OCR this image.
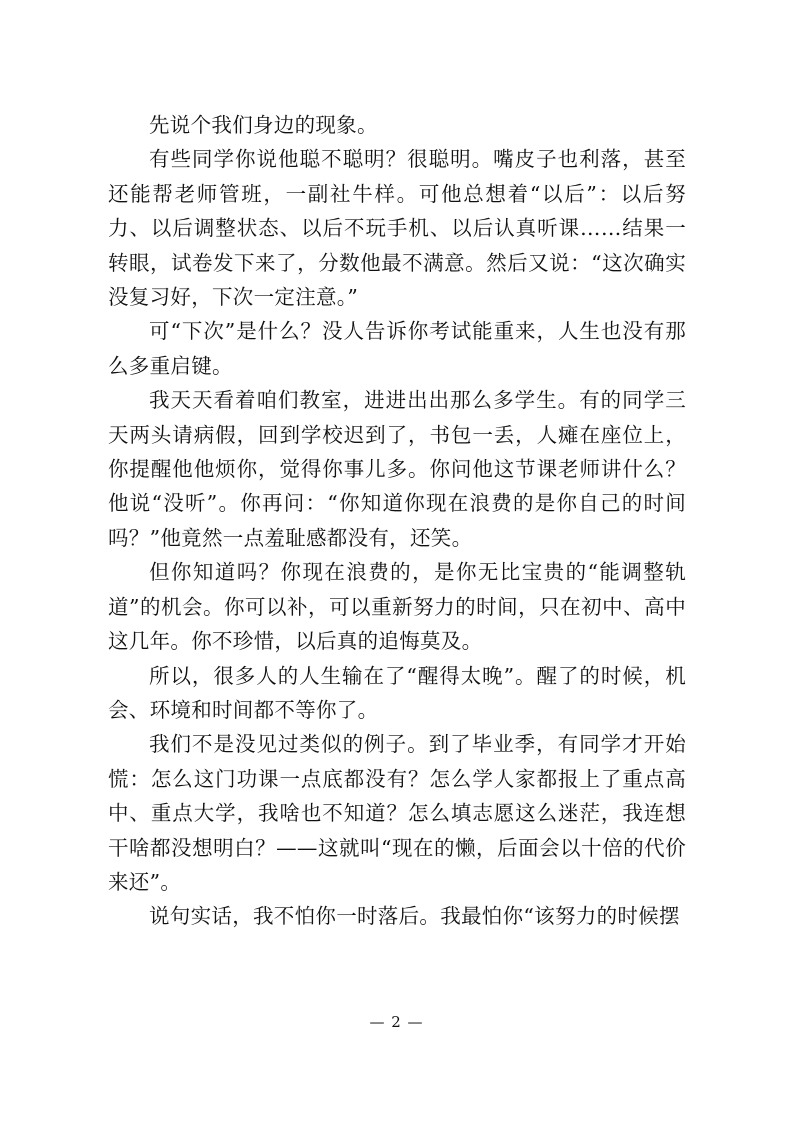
先说个我们身边的现象。

有些同学你说他聪不聪明？很聪明。嘴皮子也利落，甚至还能帮老师管班，一副社牛样。可他总想着“以后”：以后努力、以后调整状态、以后不玩手机、以后认真听课……结果一转眼，试卷发下来了，分数他最不满意。然后又说：“这次确实没复习好，下次一定注意。”

可“下次”是什么？没人告诉你考试能重来，人生也没有那么多重启键。

我天天看着咱们教室，进进出出那么多学生。有的同学三天两头请病假，回到学校迟到了，书包一丢，人瘫在座位上，你提醒他他烦你，觉得你事儿多。你问他这节课老师讲什么？他说“没听”。你再问：“你知道你现在浪费的是你自己的时间吗？”他竟然一点羞耻感都没有，还笑。

但你知道吗？你现在浪费的，是你无比宝贵的“能调整轨道”的机会。你可以补，可以重新努力的时间，只在初中、高中这几年。你不珍惜，以后真的追悔莫及。

所以，很多人的人生输在了“醒得太晚”。醒了的时候，机会、环境和时间都不等你了。

我们不是没见过类似的例子。到了毕业季，有同学才开始慌：怎么这门功课一点底都没有？怎么学人家都报上了重点高中、重点大学，我啥也不知道？怎么填志愿这么迷茫，我连想干啥都没想明白？——这就叫“现在的懒，后面会以十倍的代价来还”。

说句实话，我不怕你一时落后。我最怕你“该努力的时候摆

— 2 —
